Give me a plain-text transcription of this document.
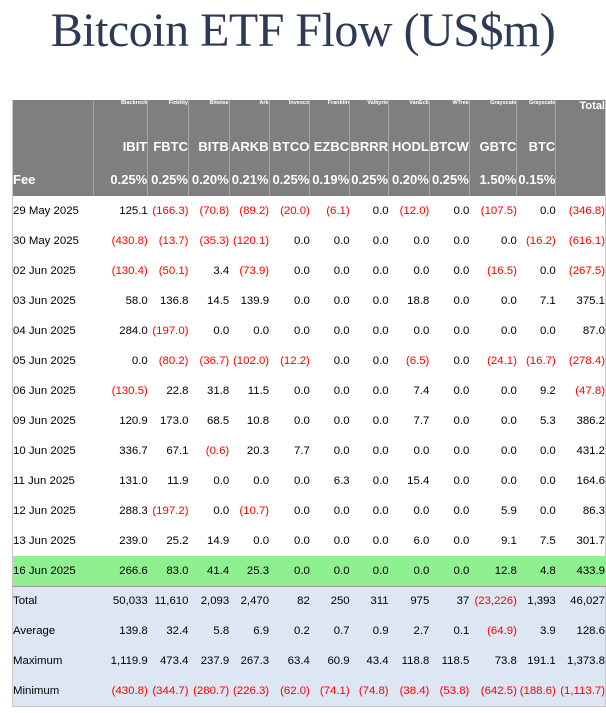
Bitcoin ETF Flow (US$m)
	Blackrock	Fidelity	Bitwise	Ark	Invesco	Franklin	Valkyrie	VanEck	WTree	Grayscale	Grayscale	Total
	IBIT	FBTC	BITB	ARKB	BTCO	EZBC	BRRR	HODL	BTCW	GBTC	BTC	
Fee	0.25%	0.25%	0.20%	0.21%	0.25%	0.19%	0.25%	0.20%	0.25%	1.50%	0.15%	
29 May 2025	125.1	(166.3)	(70.8)	(89.2)	(20.0)	(6.1)	0.0	(12.0)	0.0	(107.5)	0.0	(346.8)
30 May 2025	(430.8)	(13.7)	(35.3)	(120.1)	0.0	0.0	0.0	0.0	0.0	0.0	(16.2)	(616.1)
02 Jun 2025	(130.4)	(50.1)	3.4	(73.9)	0.0	0.0	0.0	0.0	0.0	(16.5)	0.0	(267.5)
03 Jun 2025	58.0	136.8	14.5	139.9	0.0	0.0	0.0	18.8	0.0	0.0	7.1	375.1
04 Jun 2025	284.0	(197.0)	0.0	0.0	0.0	0.0	0.0	0.0	0.0	0.0	0.0	87.0
05 Jun 2025	0.0	(80.2)	(36.7)	(102.0)	(12.2)	0.0	0.0	(6.5)	0.0	(24.1)	(16.7)	(278.4)
06 Jun 2025	(130.5)	22.8	31.8	11.5	0.0	0.0	0.0	7.4	0.0	0.0	9.2	(47.8)
09 Jun 2025	120.9	173.0	68.5	10.8	0.0	0.0	0.0	7.7	0.0	0.0	5.3	386.2
10 Jun 2025	336.7	67.1	(0.6)	20.3	7.7	0.0	0.0	0.0	0.0	0.0	0.0	431.2
11 Jun 2025	131.0	11.9	0.0	0.0	0.0	6.3	0.0	15.4	0.0	0.0	0.0	164.6
12 Jun 2025	288.3	(197.2)	0.0	(10.7)	0.0	0.0	0.0	0.0	0.0	5.9	0.0	86.3
13 Jun 2025	239.0	25.2	14.9	0.0	0.0	0.0	0.0	6.0	0.0	9.1	7.5	301.7
16 Jun 2025	266.6	83.0	41.4	25.3	0.0	0.0	0.0	0.0	0.0	12.8	4.8	433.9
Total	50,033	11,610	2,093	2,470	82	250	311	975	37	(23,226)	1,393	46,027
Average	139.8	32.4	5.8	6.9	0.2	0.7	0.9	2.7	0.1	(64.9)	3.9	128.6
Maximum	1,119.9	473.4	237.9	267.3	63.4	60.9	43.4	118.8	118.5	73.8	191.1	1,373.8
Minimum	(430.8)	(344.7)	(280.7)	(226.3)	(62.0)	(74.1)	(74.8)	(38.4)	(53.8)	(642.5)	(188.6)	(1,113.7)
